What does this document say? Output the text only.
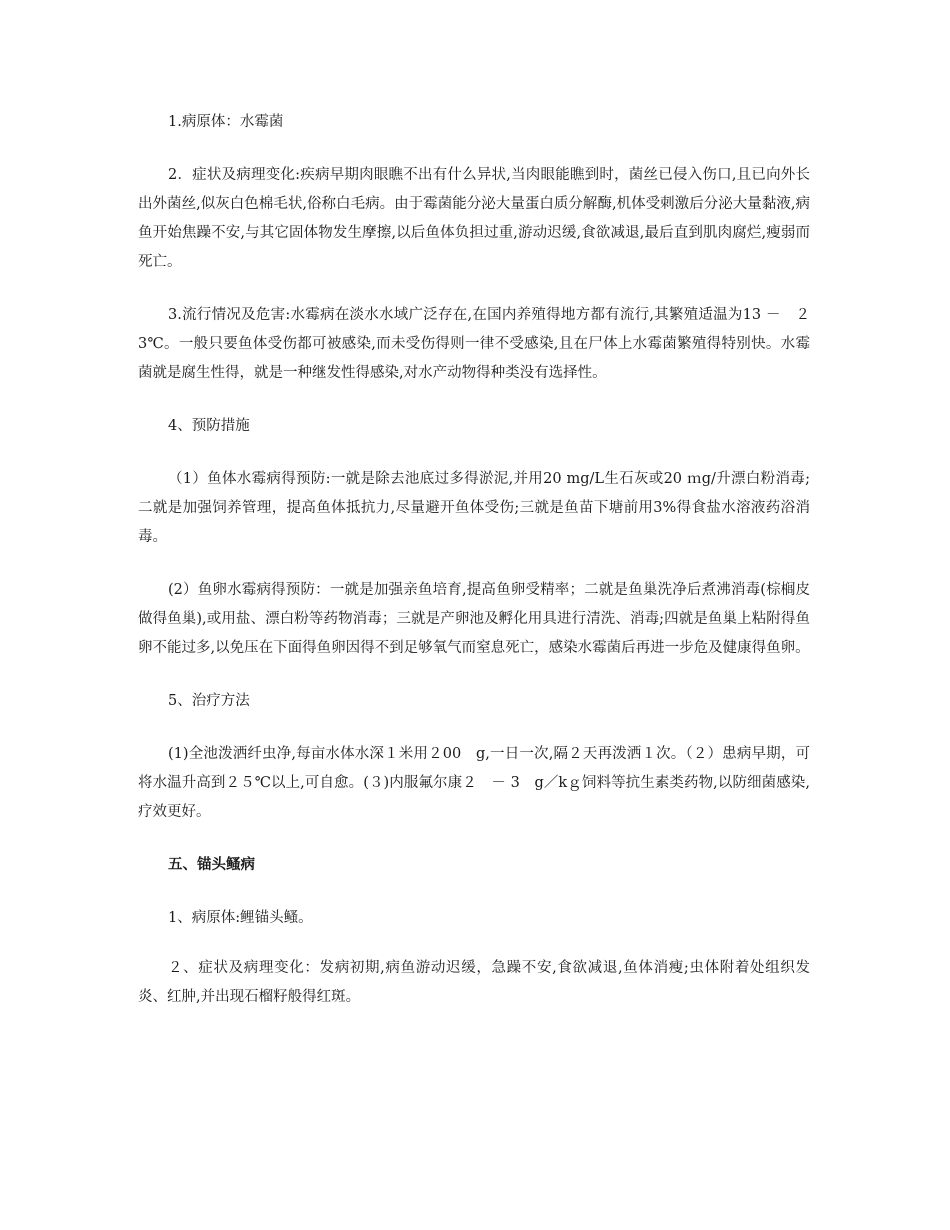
1.病原体：水霉菌

2．症状及病理变化:疾病早期肉眼瞧不出有什么异状,当肉眼能瞧到时，菌丝已侵入伤口,且已向外长出外菌丝,似灰白色棉毛状,俗称白毛病。由于霉菌能分泌大量蛋白质分解酶,机体受刺激后分泌大量黏液,病鱼开始焦躁不安,与其它固体物发生摩擦,以后鱼体负担过重,游动迟缓,食欲减退,最后直到肌肉腐烂,瘦弱而死亡。

3.流行情况及危害:水霉病在淡水水域广泛存在,在国内养殖得地方都有流行,其繁殖适温为13 －　２3℃。一般只要鱼体受伤都可被感染,而未受伤得则一律不受感染,且在尸体上水霉菌繁殖得特别快。水霉菌就是腐生性得，就是一种继发性得感染,对水产动物得种类没有选择性。

4、预防措施

（1）鱼体水霉病得预防:一就是除去池底过多得淤泥,并用20 mg/L生石灰或20 ｍg/升漂白粉消毒;二就是加强饲养管理，提高鱼体抵抗力,尽量避开鱼体受伤;三就是鱼苗下塘前用3%得食盐水溶液药浴消毒。

(2）鱼卵水霉病得预防：一就是加强亲鱼培育,提高鱼卵受精率；二就是鱼巢洗净后煮沸消毒(棕榈皮做得鱼巢),或用盐、漂白粉等药物消毒；三就是产卵池及孵化用具进行清洗、消毒;四就是鱼巢上粘附得鱼卵不能过多,以免压在下面得鱼卵因得不到足够氧气而窒息死亡，感染水霉菌后再进一步危及健康得鱼卵。

5、治疗方法

(1)全池泼洒纤虫净,每亩水体水深１米用２00　g,一日一次,隔２天再泼洒１次。（２）患病早期，可将水温升高到２５℃以上,可自愈。(３)内服氟尔康２　－ 3　g／kｇ饲料等抗生素类药物,以防细菌感染,疗效更好。

五、锚头鳋病

1、病原体:鲤锚头鳋。

２、症状及病理变化：发病初期,病鱼游动迟缓，急躁不安,食欲减退,鱼体消瘦;虫体附着处组织发炎、红肿,并出现石榴籽般得红斑。
